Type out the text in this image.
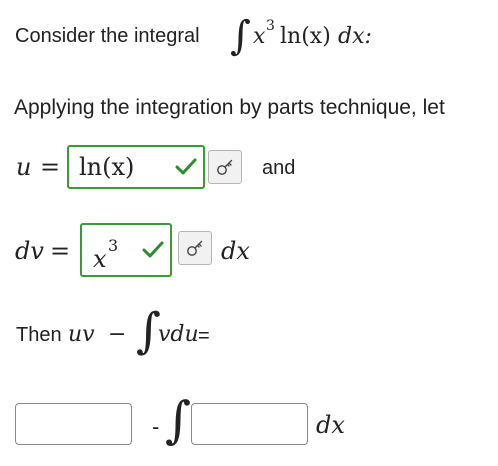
Consider the integral ∫ x 3 ln(x) dx:
Applying the integration by parts technique, let
u = ln(x)	and
dv = x 3	dx
Then uv − ∫
vdu =
- ∫	dx
